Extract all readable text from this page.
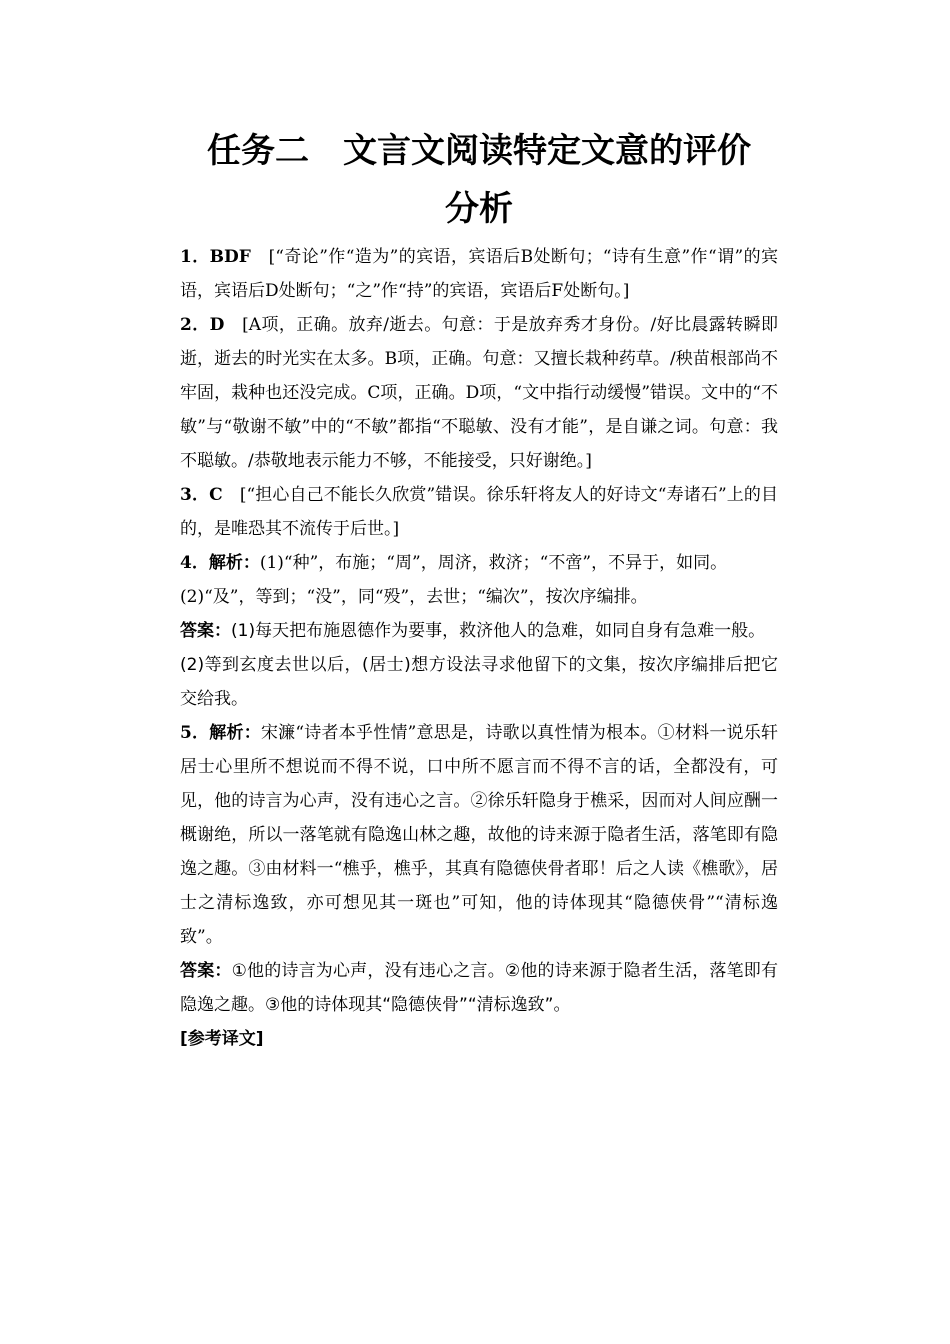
任务二　文言文阅读特定文意的评价
分析

1．BDF　[“奇论”作“造为”的宾语，宾语后B处断句；“诗有生意”作“谓”的宾语，宾语后D处断句；“之”作“持”的宾语，宾语后F处断句。]

2．D　[A项，正确。放弃/逝去。句意：于是放弃秀才身份。/好比晨露转瞬即逝，逝去的时光实在太多。B项，正确。句意：又擅长栽种药草。/秧苗根部尚不牢固，栽种也还没完成。C项，正确。D项，“文中指行动缓慢”错误。文中的“不敏”与“敬谢不敏”中的“不敏”都指“不聪敏、没有才能”，是自谦之词。句意：我不聪敏。/恭敬地表示能力不够，不能接受，只好谢绝。]

3．C　[“担心自己不能长久欣赏”错误。徐乐轩将友人的好诗文“寿诸石”上的目的，是唯恐其不流传于后世。]

4．解析：(1)“种”，布施；“周”，周济，救济；“不啻”，不异于，如同。

(2)“及”，等到；“没”，同“殁”，去世；“编次”，按次序编排。

答案：(1)每天把布施恩德作为要事，救济他人的急难，如同自身有急难一般。

(2)等到玄度去世以后，(居士)想方设法寻求他留下的文集，按次序编排后把它交给我。

5．解析：宋濂“诗者本乎性情”意思是，诗歌以真性情为根本。①材料一说乐轩居士心里所不想说而不得不说，口中所不愿言而不得不言的话，全都没有，可见，他的诗言为心声，没有违心之言。②徐乐轩隐身于樵采，因而对人间应酬一概谢绝，所以一落笔就有隐逸山林之趣，故他的诗来源于隐者生活，落笔即有隐逸之趣。③由材料一“樵乎，樵乎，其真有隐德侠骨者耶！后之人读《樵歌》，居士之清标逸致，亦可想见其一斑也”可知，他的诗体现其“隐德侠骨”“清标逸致”。

答案：①他的诗言为心声，没有违心之言。②他的诗来源于隐者生活，落笔即有隐逸之趣。③他的诗体现其“隐德侠骨”“清标逸致”。

[参考译文]
